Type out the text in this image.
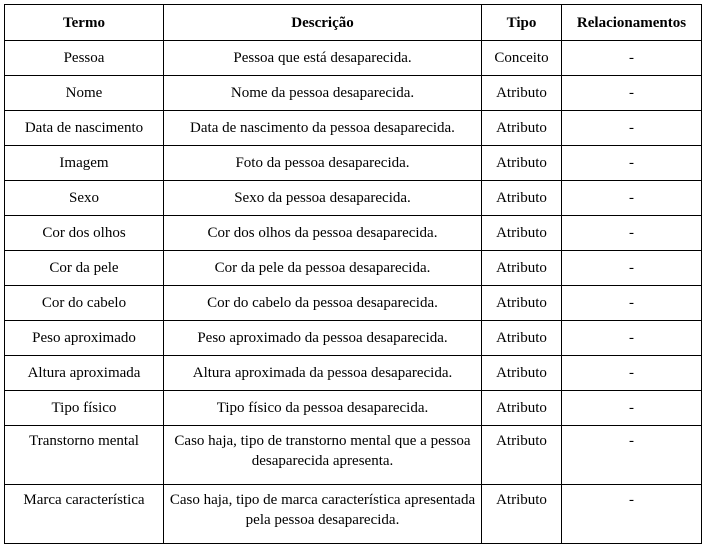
Termo	Descrição	Tipo	Relacionamentos
Pessoa	Pessoa que está desaparecida.	Conceito	-
Nome	Nome da pessoa desaparecida.	Atributo	-
Data de nascimento	Data de nascimento da pessoa desaparecida.	Atributo	-
Imagem	Foto da pessoa desaparecida.	Atributo	-
Sexo	Sexo da pessoa desaparecida.	Atributo	-
Cor dos olhos	Cor dos olhos da pessoa desaparecida.	Atributo	-
Cor da pele	Cor da pele da pessoa desaparecida.	Atributo	-
Cor do cabelo	Cor do cabelo da pessoa desaparecida.	Atributo	-
Peso aproximado	Peso aproximado da pessoa desaparecida.	Atributo	-
Altura aproximada	Altura aproximada da pessoa desaparecida.	Atributo	-
Tipo físico	Tipo físico da pessoa desaparecida.	Atributo	-
Transtorno mental	Caso haja, tipo de transtorno mental que a pessoa desaparecida apresenta.	Atributo	-
Marca característica	Caso haja, tipo de marca característica apresentada pela pessoa desaparecida.	Atributo	-
